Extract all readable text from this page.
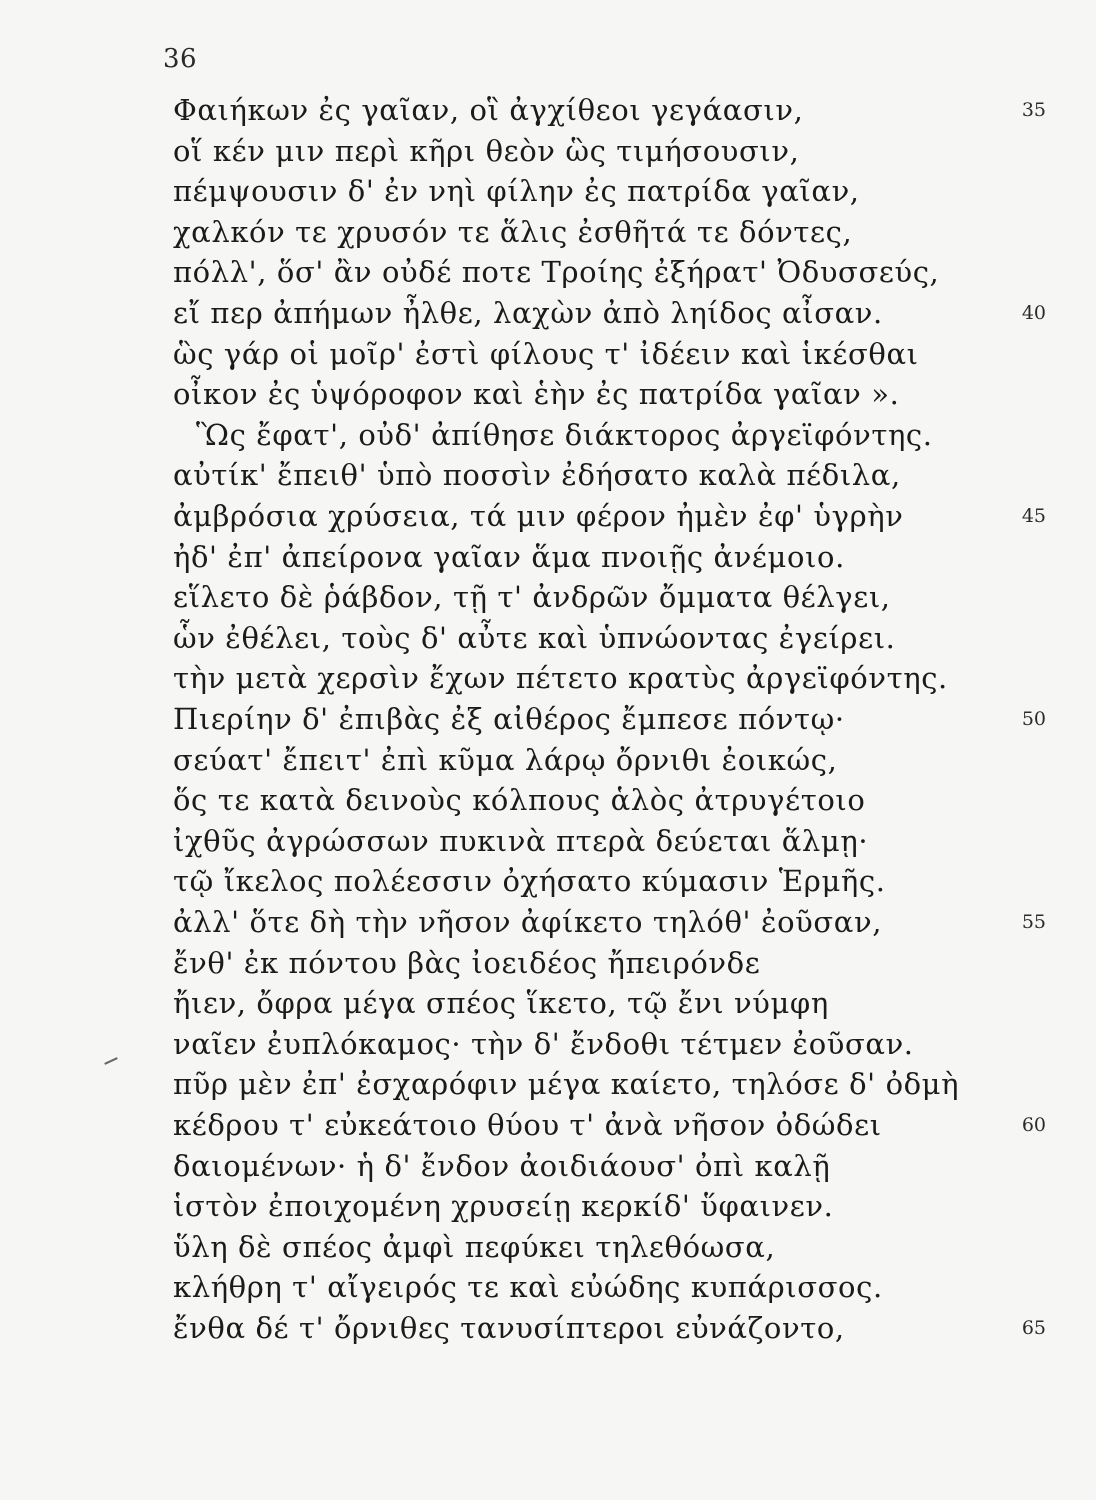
36
Φαιήκων ἐς γαῖαν, οἳ ἀγχίθεοι γεγάασιν,	35
οἵ κέν μιν περὶ κῆρι θεὸν ὣς τιμήσουσιν,
πέμψουσιν δ' ἐν νηὶ φίλην ἐς πατρίδα γαῖαν,
χαλκόν τε χρυσόν τε ἅλις ἐσθῆτά τε δόντες,
πόλλ', ὅσ' ἂν οὐδέ ποτε Τροίης ἐξήρατ' Ὀδυσσεύς,
εἴ περ ἀπήμων ἦλθε, λαχὼν ἀπὸ ληίδος αἶσαν.	40
ὣς γάρ οἱ μοῖρ' ἐστὶ φίλους τ' ἰδέειν καὶ ἱκέσθαι
οἶκον ἐς ὑψόροφον καὶ ἑὴν ἐς πατρίδα γαῖαν ».
Ὣς ἔφατ', οὐδ' ἀπίθησε διάκτορος ἀργεϊφόντης.
αὐτίκ' ἔπειθ' ὑπὸ ποσσὶν ἐδήσατο καλὰ πέδιλα,
ἀμβρόσια χρύσεια, τά μιν φέρον ἠμὲν ἐφ' ὑγρὴν	45
ἠδ' ἐπ' ἀπείρονα γαῖαν ἅμα πνοιῇς ἀνέμοιο.
εἵλετο δὲ ῥάβδον, τῇ τ' ἀνδρῶν ὄμματα θέλγει,
ὧν ἐθέλει, τοὺς δ' αὖτε καὶ ὑπνώοντας ἐγείρει.
τὴν μετὰ χερσὶν ἔχων πέτετο κρατὺς ἀργεϊφόντης.
Πιερίην δ' ἐπιβὰς ἐξ αἰθέρος ἔμπεσε πόντῳ·	50
σεύατ' ἔπειτ' ἐπὶ κῦμα λάρῳ ὄρνιθι ἐοικώς,
ὅς τε κατὰ δεινοὺς κόλπους ἁλὸς ἀτρυγέτοιο
ἰχθῦς ἀγρώσσων πυκινὰ πτερὰ δεύεται ἅλμῃ·
τῷ ἴκελος πολέεσσιν ὀχήσατο κύμασιν Ἑρμῆς.
ἀλλ' ὅτε δὴ τὴν νῆσον ἀφίκετο τηλόθ' ἐοῦσαν,	55
ἔνθ' ἐκ πόντου βὰς ἰοειδέος ἤπειρόνδε
ἤιεν, ὄφρα μέγα σπέος ἵκετο, τῷ ἔνι νύμφη
ναῖεν ἐυπλόκαμος· τὴν δ' ἔνδοθι τέτμεν ἐοῦσαν.
πῦρ μὲν ἐπ' ἐσχαρόφιν μέγα καίετο, τηλόσε δ' ὀδμὴ
κέδρου τ' εὐκεάτοιο θύου τ' ἀνὰ νῆσον ὀδώδει	60
δαιομένων· ἡ δ' ἔνδον ἀοιδιάουσ' ὀπὶ καλῇ
ἱστὸν ἐποιχομένη χρυσείῃ κερκίδ' ὕφαινεν.
ὕλη δὲ σπέος ἀμφὶ πεφύκει τηλεθόωσα,
κλήθρη τ' αἴγειρός τε καὶ εὐώδης κυπάρισσος.
ἔνθα δέ τ' ὄρνιθες τανυσίπτεροι εὐνάζοντο,	65
